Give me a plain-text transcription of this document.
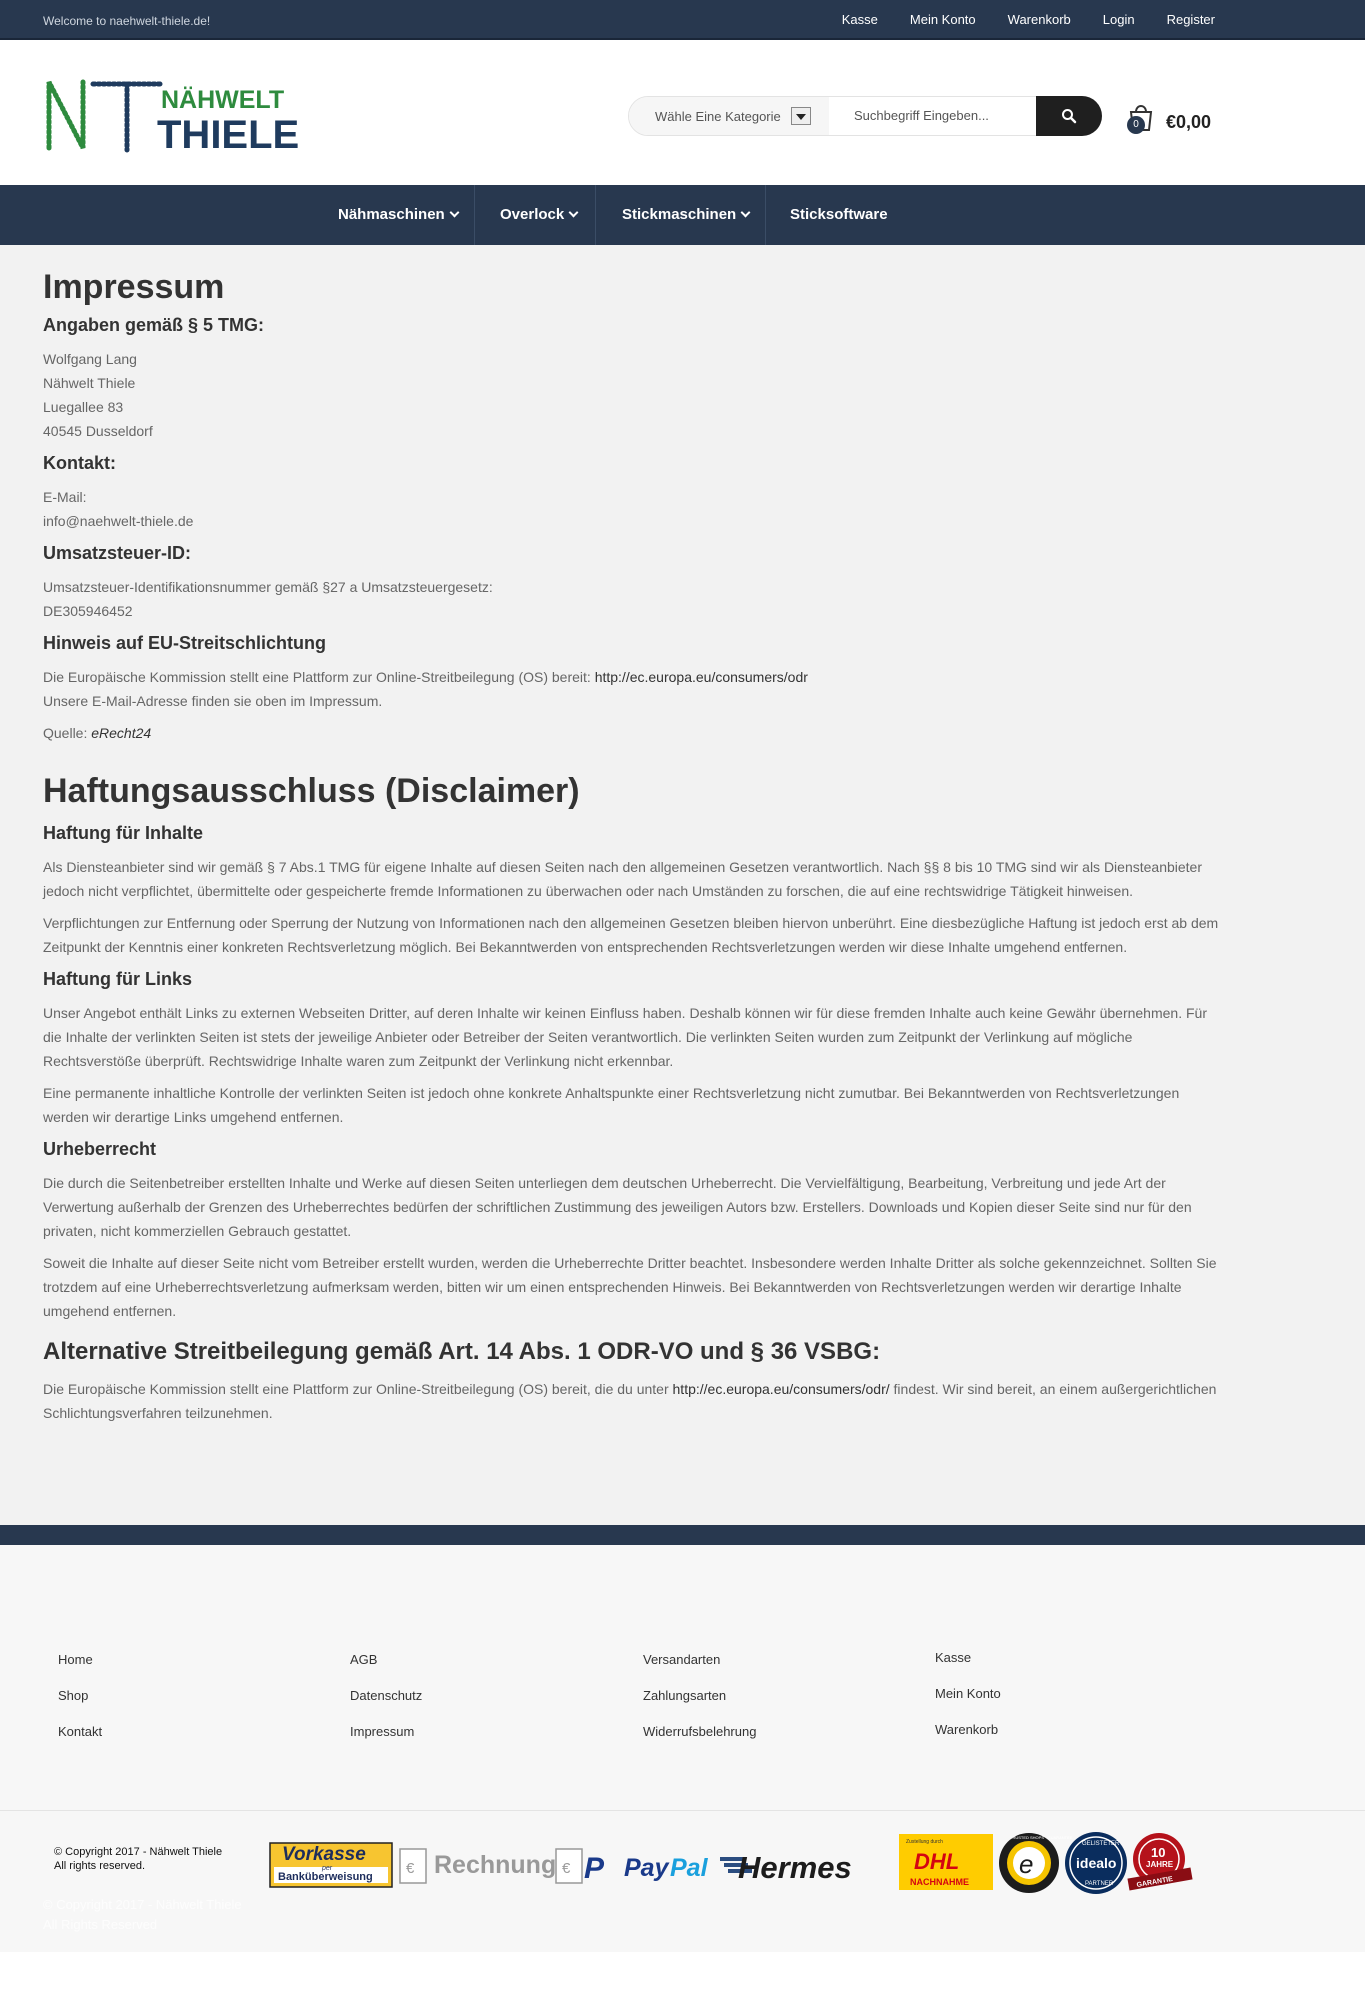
Welcome to naehwelt-thiele.de!	Kasse Mein Konto Warenkorb Login Register
NÄHWELT
THIELE	Wähle Eine Kategorie	Suchbegriff Eingeben...
0	€0,00
Nähmaschinen	Overlock	Stickmaschinen	Sticksoftware
Impressum
Angaben gemäß § 5 TMG:

Wolfgang Lang

Nähwelt Thiele

Luegallee 83

40545 Dusseldorf

Kontakt:

E-Mail:

info@naehwelt-thiele.de

Umsatzsteuer-ID:

Umsatzsteuer-Identifikationsnummer gemäß §27 a Umsatzsteuergesetz:

DE305946452

Hinweis auf EU-Streitschlichtung

Die Europäische Kommission stellt eine Plattform zur Online-Streitbeilegung (OS) bereit: http://ec.europa.eu/consumers/odr
Unsere E-Mail-Adresse finden sie oben im Impressum.

Quelle: eRecht24

Haftungsausschluss (Disclaimer)
Haftung für Inhalte

Als Diensteanbieter sind wir gemäß § 7 Abs.1 TMG für eigene Inhalte auf diesen Seiten nach den allgemeinen Gesetzen verantwortlich. Nach §§ 8 bis 10 TMG sind wir als Diensteanbieter jedoch nicht verpflichtet, übermittelte oder gespeicherte fremde Informationen zu überwachen oder nach Umständen zu forschen, die auf eine rechtswidrige Tätigkeit hinweisen.

Verpflichtungen zur Entfernung oder Sperrung der Nutzung von Informationen nach den allgemeinen Gesetzen bleiben hiervon unberührt. Eine diesbezügliche Haftung ist jedoch erst ab dem Zeitpunkt der Kenntnis einer konkreten Rechtsverletzung möglich. Bei Bekanntwerden von entsprechenden Rechtsverletzungen werden wir diese Inhalte umgehend entfernen.

Haftung für Links

Unser Angebot enthält Links zu externen Webseiten Dritter, auf deren Inhalte wir keinen Einfluss haben. Deshalb können wir für diese fremden Inhalte auch keine Gewähr übernehmen. Für die Inhalte der verlinkten Seiten ist stets der jeweilige Anbieter oder Betreiber der Seiten verantwortlich. Die verlinkten Seiten wurden zum Zeitpunkt der Verlinkung auf mögliche Rechtsverstöße überprüft. Rechtswidrige Inhalte waren zum Zeitpunkt der Verlinkung nicht erkennbar.

Eine permanente inhaltliche Kontrolle der verlinkten Seiten ist jedoch ohne konkrete Anhaltspunkte einer Rechtsverletzung nicht zumutbar. Bei Bekanntwerden von Rechtsverletzungen werden wir derartige Links umgehend entfernen.

Urheberrecht

Die durch die Seitenbetreiber erstellten Inhalte und Werke auf diesen Seiten unterliegen dem deutschen Urheberrecht. Die Vervielfältigung, Bearbeitung, Verbreitung und jede Art der Verwertung außerhalb der Grenzen des Urheberrechtes bedürfen der schriftlichen Zustimmung des jeweiligen Autors bzw. Erstellers. Downloads und Kopien dieser Seite sind nur für den privaten, nicht kommerziellen Gebrauch gestattet.

Soweit die Inhalte auf dieser Seite nicht vom Betreiber erstellt wurden, werden die Urheberrechte Dritter beachtet. Insbesondere werden Inhalte Dritter als solche gekennzeichnet. Sollten Sie trotzdem auf eine Urheberrechtsverletzung aufmerksam werden, bitten wir um einen entsprechenden Hinweis. Bei Bekanntwerden von Rechtsverletzungen werden wir derartige Inhalte umgehend entfernen.

Alternative Streitbeilegung gemäß Art. 14 Abs. 1 ODR-VO und § 36 VSBG:

Die Europäische Kommission stellt eine Plattform zur Online-Streitbeilegung (OS) bereit, die du unter http://ec.europa.eu/consumers/odr/ findest. Wir sind bereit, an einem außergerichtlichen Schlichtungsverfahren teilzunehmen.

Home
Shop
Kontakt
AGB
Datenschutz
Impressum
Versandarten
Zahlungsarten
Widerrufsbelehrung
Kasse
Mein Konto
Warenkorb
© Copyright 2017 - Nähwelt Thiele
All rights reserved.
Vorkasse
per
Banküberweisung € Rechnung € P Pay Pal Hermes
Zustellung durch
DHL
NACHNAHME
e
TRUSTED SHOPS · GUARANTEE
GELISTETER
idealo
PARTNER
10
JAHRE
GARANTIE
© Copyright 2017 - Nähwelt Thiele
All Rights Reserved
